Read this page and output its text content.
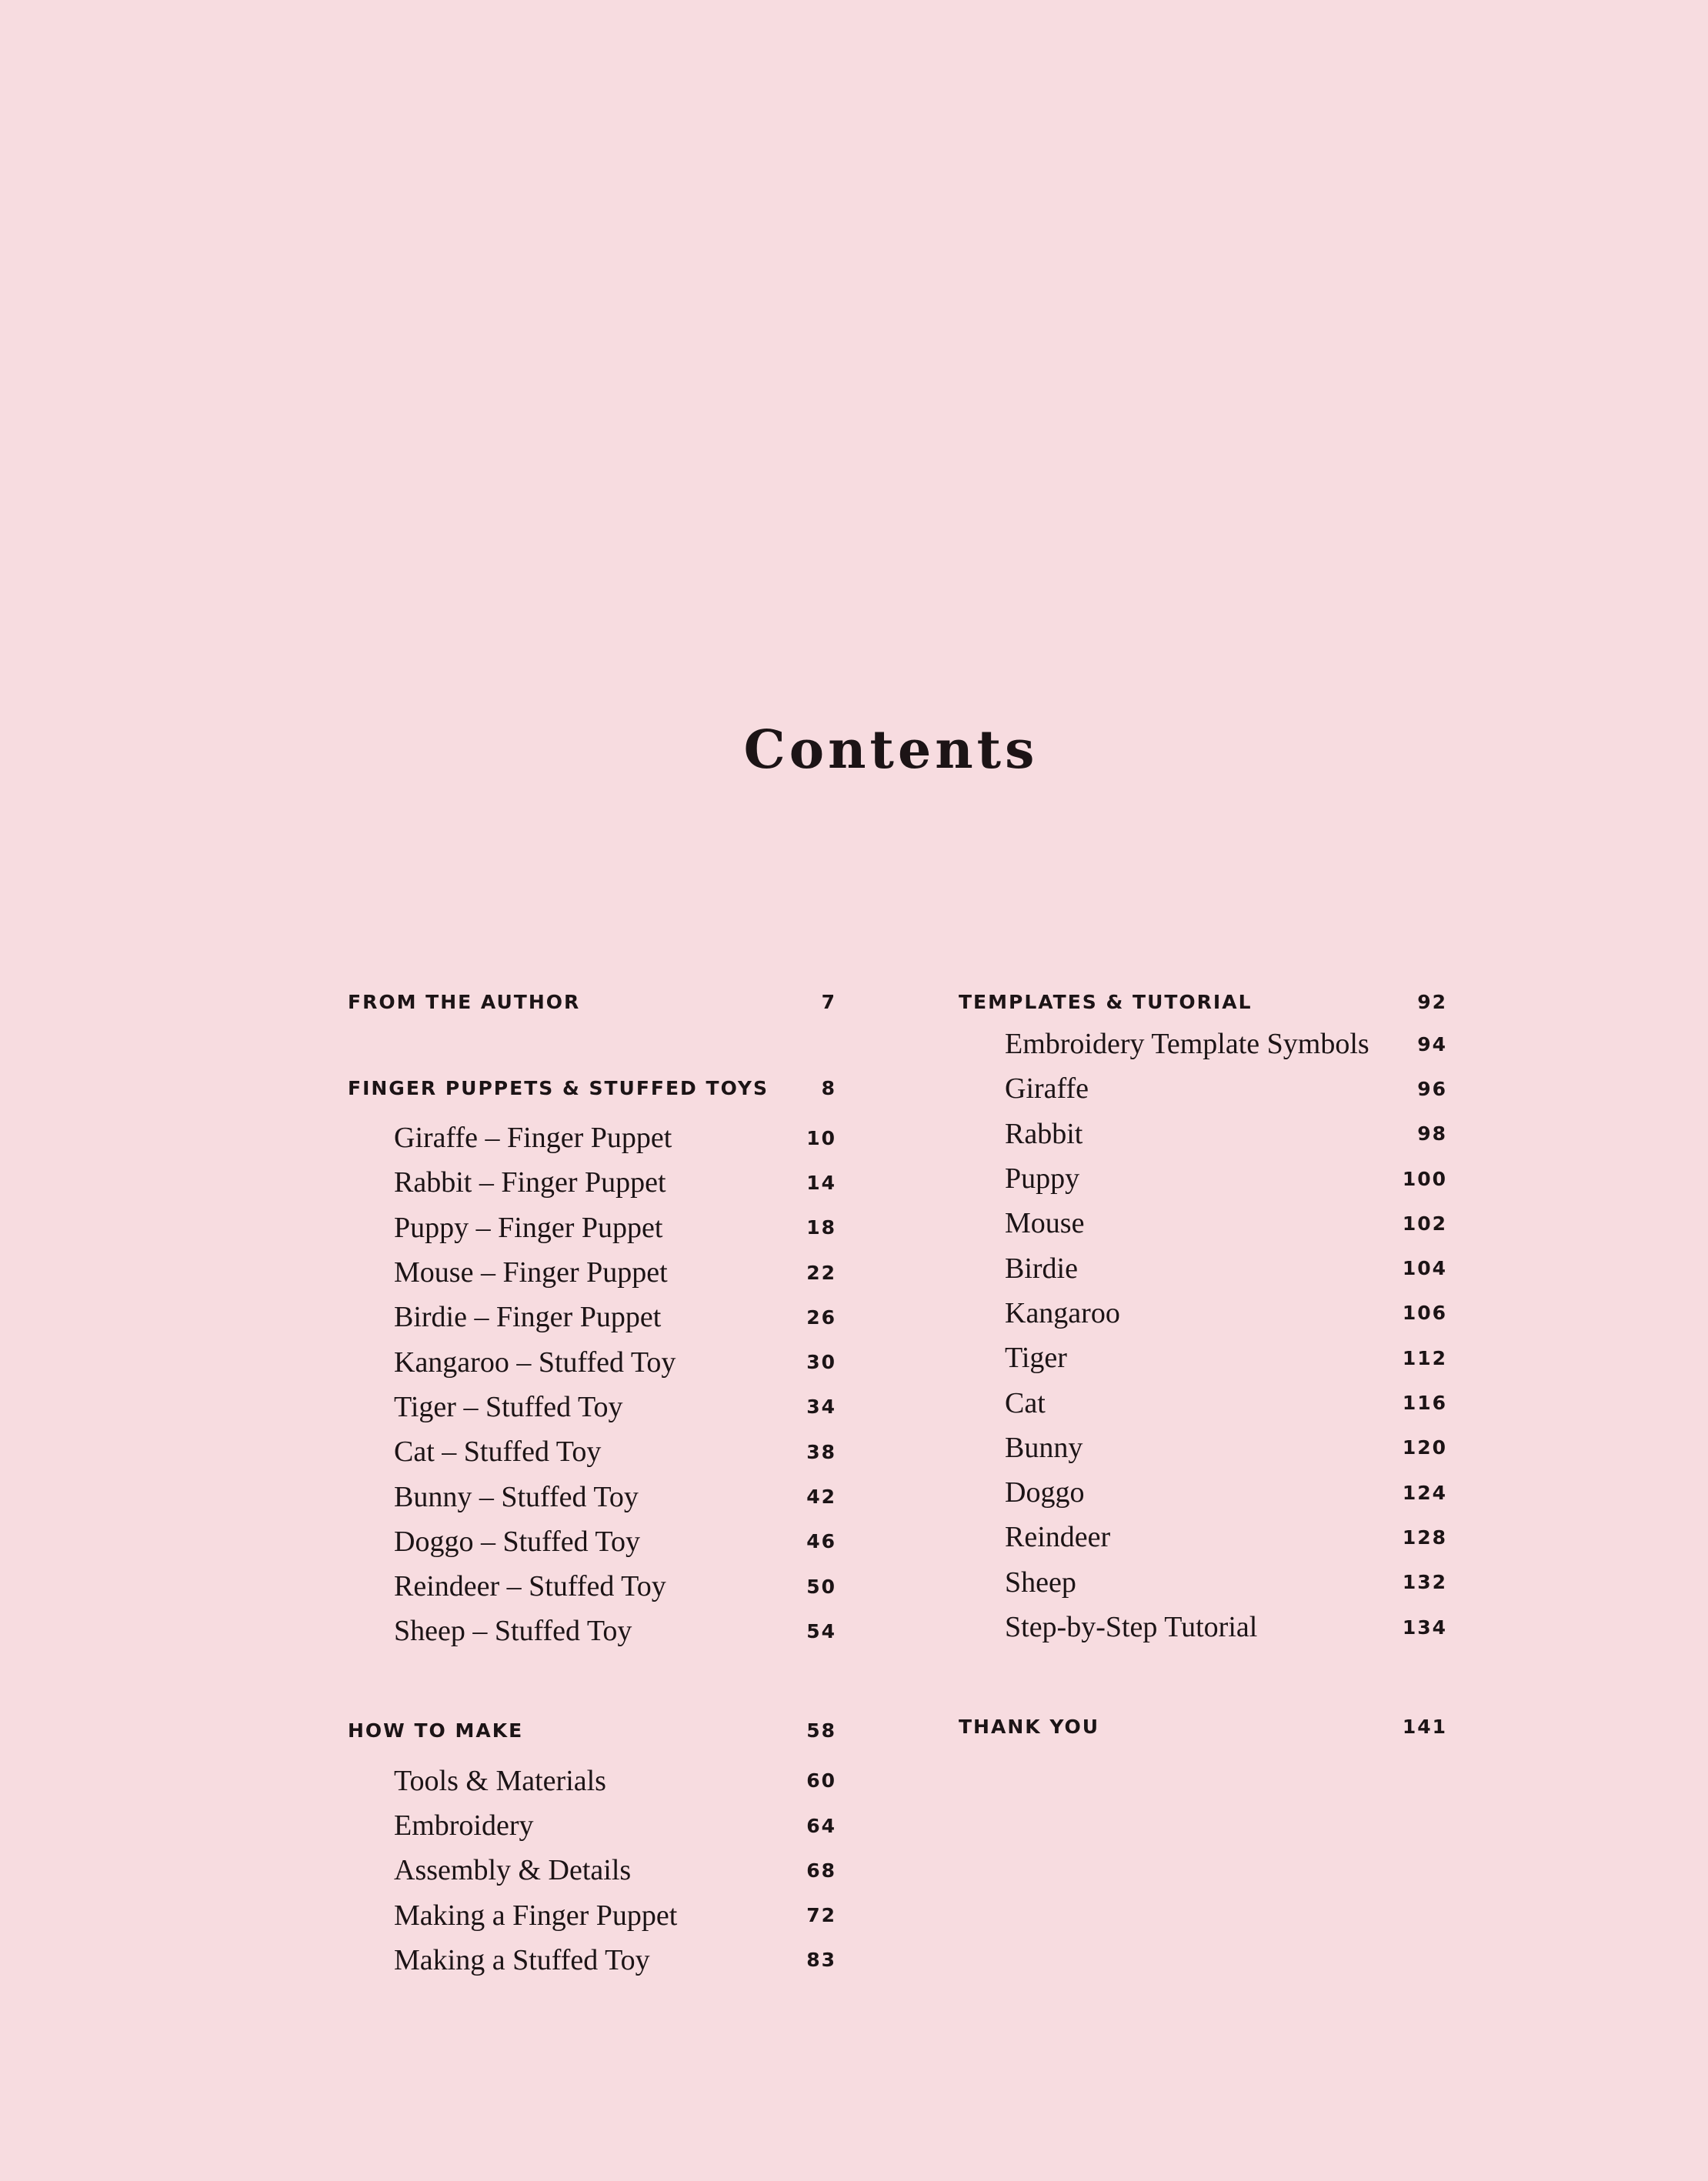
Contents
FROM THE AUTHOR	7
FINGER PUPPETS & STUFFED TOYS	8
Giraffe – Finger Puppet	10
Rabbit – Finger Puppet	14
Puppy – Finger Puppet	18
Mouse – Finger Puppet	22
Birdie – Finger Puppet	26
Kangaroo – Stuffed Toy	30
Tiger – Stuffed Toy	34
Cat – Stuffed Toy	38
Bunny – Stuffed Toy	42
Doggo – Stuffed Toy	46
Reindeer – Stuffed Toy	50
Sheep – Stuffed Toy	54
HOW TO MAKE	58
Tools & Materials	60
Embroidery	64
Assembly & Details	68
Making a Finger Puppet	72
Making a Stuffed Toy	83
TEMPLATES & TUTORIAL	92
Embroidery Template Symbols	94
Giraffe	96
Rabbit	98
Puppy	100
Mouse	102
Birdie	104
Kangaroo	106
Tiger	112
Cat	116
Bunny	120
Doggo	124
Reindeer	128
Sheep	132
Step-by-Step Tutorial	134
THANK YOU	141
